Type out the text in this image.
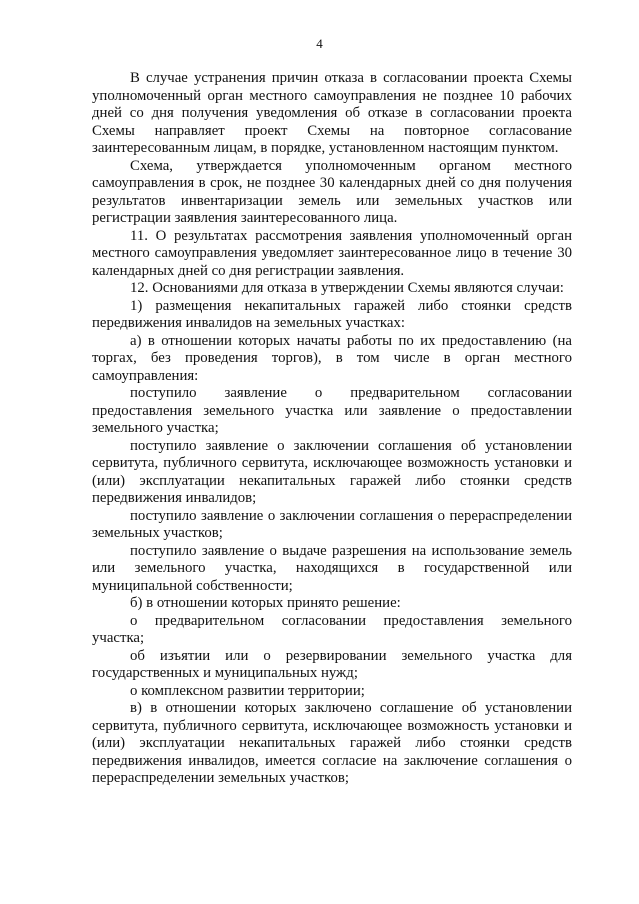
4

В случае устранения причин отказа в согласовании проекта Схемы уполномоченный орган местного самоуправления не позднее 10 рабочих дней со дня получения уведомления об отказе в согласовании проекта Схемы направляет проект Схемы на повторное согласование заинтересованным лицам, в порядке, установленном настоящим пунктом.

Схема, утверждается уполномоченным органом местного самоуправления в срок, не позднее 30 календарных дней со дня получения результатов инвентаризации земель или земельных участков или регистрации заявления заинтересованного лица.

11. О результатах рассмотрения заявления уполномоченный орган местного самоуправления уведомляет заинтересованное лицо в течение 30 календарных дней со дня регистрации заявления.

12. Основаниями для отказа в утверждении Схемы являются случаи:

1) размещения некапитальных гаражей либо стоянки средств передвижения инвалидов на земельных участках:

а) в отношении которых начаты работы по их предоставлению (на торгах, без проведения торгов), в том числе в орган местного самоуправления:

поступило заявление о предварительном согласовании предоставления земельного участка или заявление о предоставлении земельного участка;

поступило заявление о заключении соглашения об установлении сервитута, публичного сервитута, исключающее возможность установки и (или) эксплуатации некапитальных гаражей либо стоянки средств передвижения инвалидов;

поступило заявление о заключении соглашения о перераспределении земельных участков;

поступило заявление о выдаче разрешения на использование земель или земельного участка, находящихся в государственной или муниципальной собственности;

б) в отношении которых принято решение:

о предварительном согласовании предоставления земельного участка;

об изъятии или о резервировании земельного участка для государственных и муниципальных нужд;

о комплексном развитии территории;

в) в отношении которых заключено соглашение об установлении сервитута, публичного сервитута, исключающее возможность установки и (или) эксплуатации некапитальных гаражей либо стоянки средств передвижения инвалидов, имеется согласие на заключение соглашения о перераспределении земельных участков;
